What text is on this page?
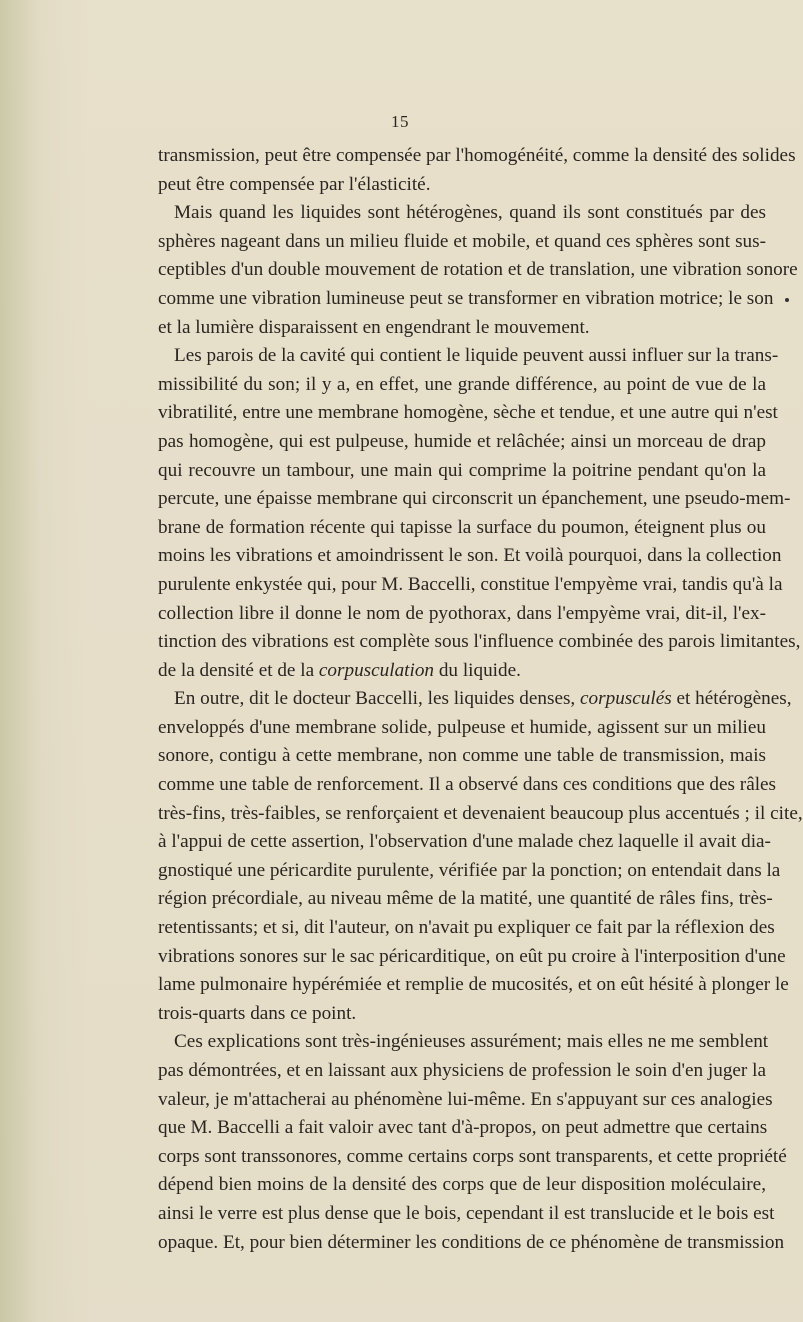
15
transmission, peut être compensée par l'homogénéité, comme la densité des solides
peut être compensée par l'élasticité.
Mais quand les liquides sont hétérogènes, quand ils sont constitués par des
sphères nageant dans un milieu fluide et mobile, et quand ces sphères sont sus-
ceptibles d'un double mouvement de rotation et de translation, une vibration sonore
comme une vibration lumineuse peut se transformer en vibration motrice; le son
et la lumière disparaissent en engendrant le mouvement.
Les parois de la cavité qui contient le liquide peuvent aussi influer sur la trans-
missibilité du son; il y a, en effet, une grande différence, au point de vue de la
vibratilité, entre une membrane homogène, sèche et tendue, et une autre qui n'est
pas homogène, qui est pulpeuse, humide et relâchée; ainsi un morceau de drap
qui recouvre un tambour, une main qui comprime la poitrine pendant qu'on la
percute, une épaisse membrane qui circonscrit un épanchement, une pseudo-mem-
brane de formation récente qui tapisse la surface du poumon, éteignent plus ou
moins les vibrations et amoindrissent le son. Et voilà pourquoi, dans la collection
purulente enkystée qui, pour M. Baccelli, constitue l'empyème vrai, tandis qu'à la
collection libre il donne le nom de pyothorax, dans l'empyème vrai, dit-il, l'ex-
tinction des vibrations est complète sous l'influence combinée des parois limitantes,
de la densité et de la corpusculation du liquide.
En outre, dit le docteur Baccelli, les liquides denses, corpusculés et hétérogènes,
enveloppés d'une membrane solide, pulpeuse et humide, agissent sur un milieu
sonore, contigu à cette membrane, non comme une table de transmission, mais
comme une table de renforcement. Il a observé dans ces conditions que des râles
très-fins, très-faibles, se renforçaient et devenaient beaucoup plus accentués ; il cite,
à l'appui de cette assertion, l'observation d'une malade chez laquelle il avait dia-
gnostiqué une péricardite purulente, vérifiée par la ponction; on entendait dans la
région précordiale, au niveau même de la matité, une quantité de râles fins, très-
retentissants; et si, dit l'auteur, on n'avait pu expliquer ce fait par la réflexion des
vibrations sonores sur le sac péricarditique, on eût pu croire à l'interposition d'une
lame pulmonaire hypérémiée et remplie de mucosités, et on eût hésité à plonger le
trois-quarts dans ce point.
Ces explications sont très-ingénieuses assurément; mais elles ne me semblent
pas démontrées, et en laissant aux physiciens de profession le soin d'en juger la
valeur, je m'attacherai au phénomène lui-même. En s'appuyant sur ces analogies
que M. Baccelli a fait valoir avec tant d'à-propos, on peut admettre que certains
corps sont transsonores, comme certains corps sont transparents, et cette propriété
dépend bien moins de la densité des corps que de leur disposition moléculaire,
ainsi le verre est plus dense que le bois, cependant il est translucide et le bois est
opaque. Et, pour bien déterminer les conditions de ce phénomène de transmission
